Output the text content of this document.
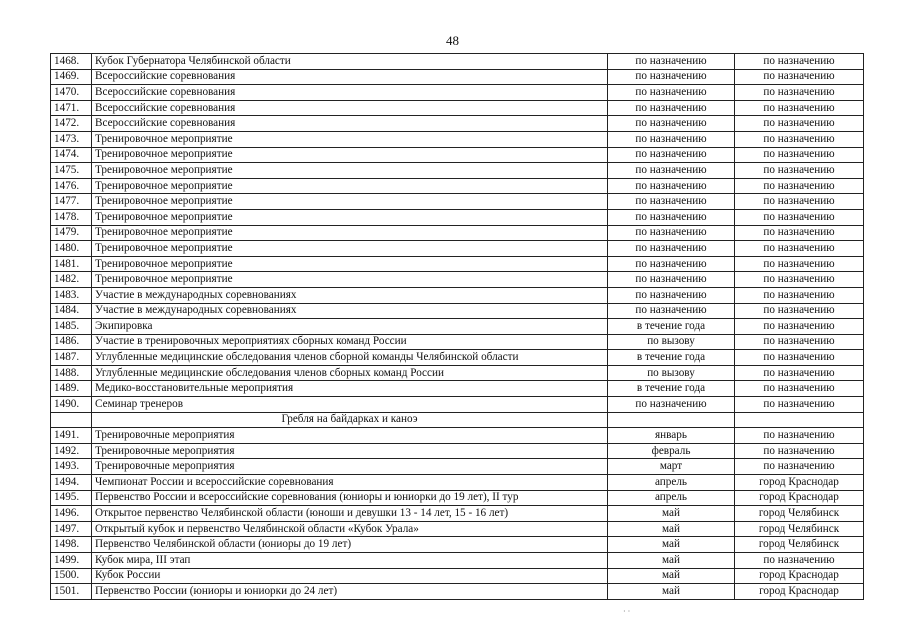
48
1468.	Кубок Губернатора Челябинской области	по назначению	по назначению
1469.	Всероссийские соревнования	по назначению	по назначению
1470.	Всероссийские соревнования	по назначению	по назначению
1471.	Всероссийские соревнования	по назначению	по назначению
1472.	Всероссийские соревнования	по назначению	по назначению
1473.	Тренировочное мероприятие	по назначению	по назначению
1474.	Тренировочное мероприятие	по назначению	по назначению
1475.	Тренировочное мероприятие	по назначению	по назначению
1476.	Тренировочное мероприятие	по назначению	по назначению
1477.	Тренировочное мероприятие	по назначению	по назначению
1478.	Тренировочное мероприятие	по назначению	по назначению
1479.	Тренировочное мероприятие	по назначению	по назначению
1480.	Тренировочное мероприятие	по назначению	по назначению
1481.	Тренировочное мероприятие	по назначению	по назначению
1482.	Тренировочное мероприятие	по назначению	по назначению
1483.	Участие в международных соревнованиях	по назначению	по назначению
1484.	Участие в международных соревнованиях	по назначению	по назначению
1485.	Экипировка	в течение года	по назначению
1486.	Участие в тренировочных мероприятиях сборных команд России	по вызову	по назначению
1487.	Углубленные медицинские обследования членов сборной команды Челябинской области	в течение года	по назначению
1488.	Углубленные медицинские обследования членов сборных команд России	по вызову	по назначению
1489.	Медико-восстановительные мероприятия	в течение года	по назначению
1490.	Семинар тренеров	по назначению	по назначению
	Гребля на байдарках и каноэ		
1491.	Тренировочные мероприятия	январь	по назначению
1492.	Тренировочные мероприятия	февраль	по назначению
1493.	Тренировочные мероприятия	март	по назначению
1494.	Чемпионат России и всероссийские соревнования	апрель	город Краснодар
1495.	Первенство России и всероссийские соревнования (юниоры и юниорки до 19 лет), II тур	апрель	город Краснодар
1496.	Открытое первенство Челябинской области (юноши и девушки 13 - 14 лет, 15 - 16 лет)	май	город Челябинск
1497.	Открытый кубок и первенство Челябинской области «Кубок Урала»	май	город Челябинск
1498.	Первенство Челябинской области (юниоры до 19 лет)	май	город Челябинск
1499.	Кубок мира, III этап	май	по назначению
1500.	Кубок России	май	город Краснодар
1501.	Первенство России (юниоры и юниорки до 24 лет)	май	город Краснодар
· ·
